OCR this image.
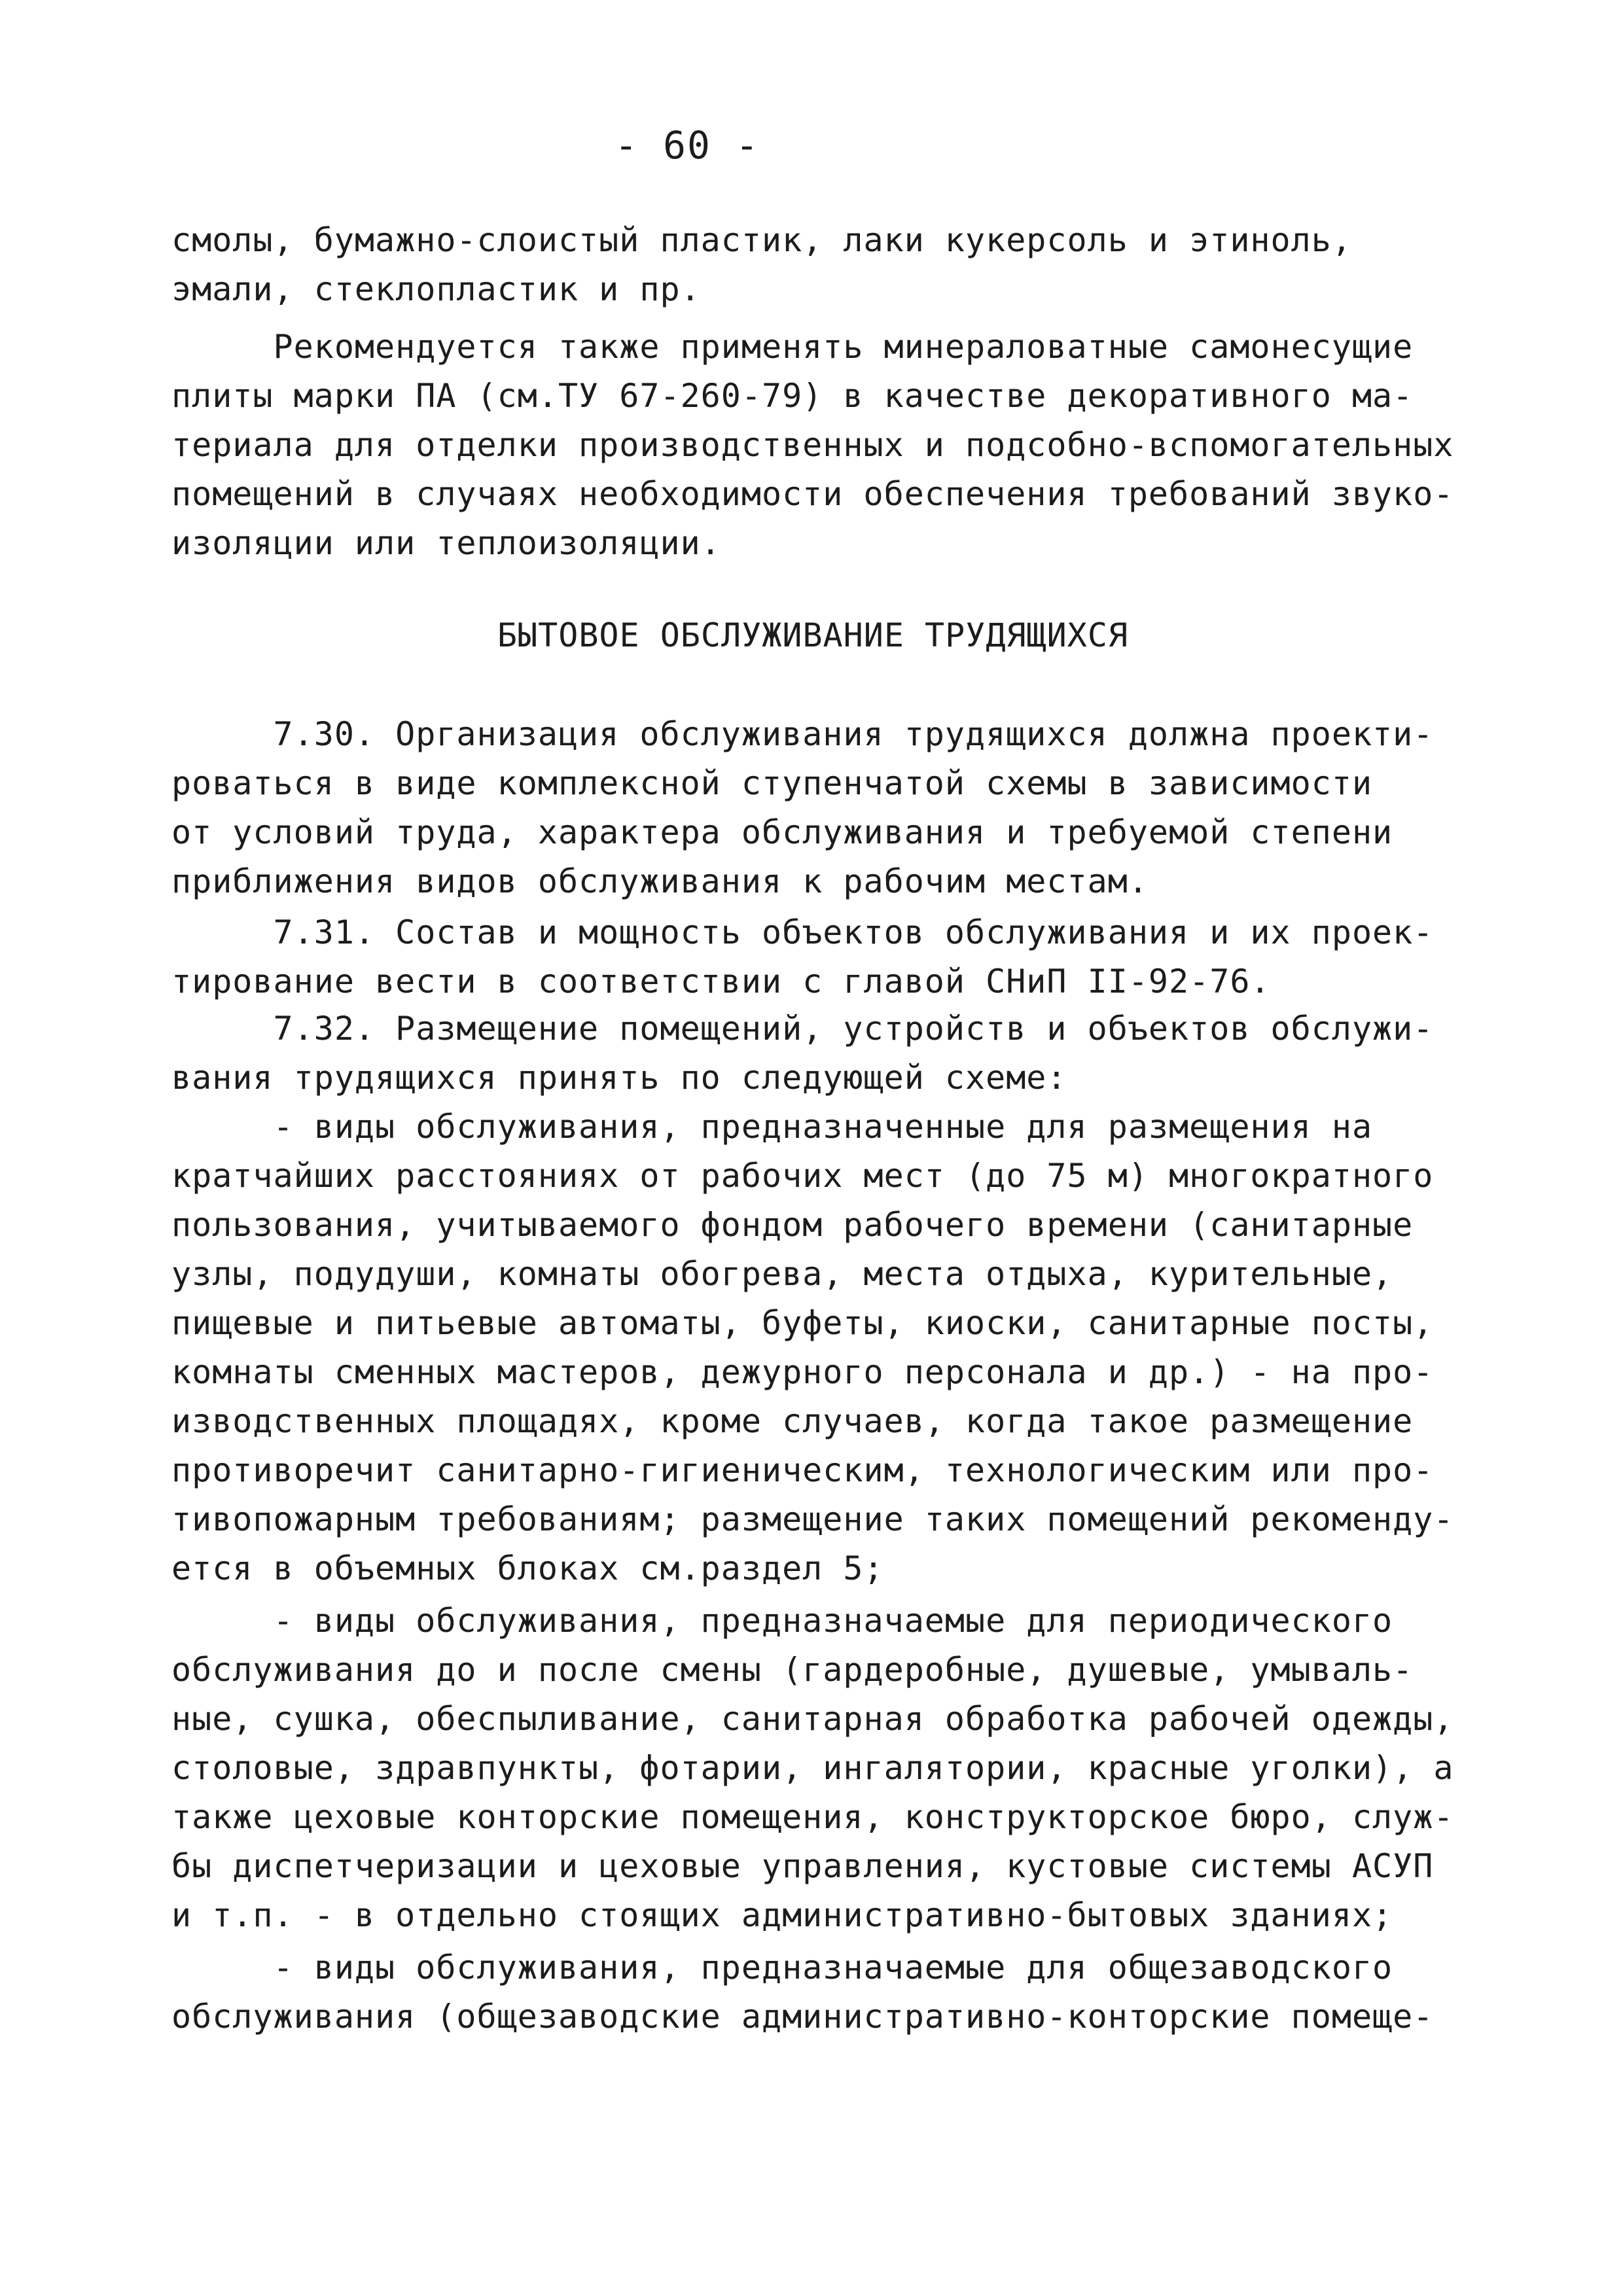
- 60 -
смолы, бумажно-слоистый пластик, лаки кукерсоль и этиноль,
эмали, стеклопластик и пр.
Рекомендуется также применять минераловатные самонесущие
плиты марки ПА (см.ТУ 67-260-79) в качестве декоративного ма-
териала для отделки производственных и подсобно-вспомогательных
помещений в случаях необходимости обеспечения требований звуко-
изоляции или теплоизоляции.
БЫТОВОЕ ОБСЛУЖИВАНИЕ ТРУДЯЩИХСЯ
7.30. Организация обслуживания трудящихся должна проекти-
роваться в виде комплексной ступенчатой схемы в зависимости
от условий труда, характера обслуживания и требуемой степени
приближения видов обслуживания к рабочим местам.
7.31. Состав и мощность объектов обслуживания и их проек-
тирование вести в соответствии с главой СНиП II-92-76.
7.32. Размещение помещений, устройств и объектов обслужи-
вания трудящихся принять по следующей схеме:
- виды обслуживания, предназначенные для размещения на
кратчайших расстояниях от рабочих мест (до 75 м) многократного
пользования, учитываемого фондом рабочего времени (санитарные
узлы, подудуши, комнаты обогрева, места отдыха, курительные,
пищевые и питьевые автоматы, буфеты, киоски, санитарные посты,
комнаты сменных мастеров, дежурного персонала и др.) - на про-
изводственных площадях, кроме случаев, когда такое размещение
противоречит санитарно-гигиеническим, технологическим или про-
тивопожарным требованиям; размещение таких помещений рекоменду-
ется в объемных блоках см.раздел 5;
- виды обслуживания, предназначаемые для периодического
обслуживания до и после смены (гардеробные, душевые, умываль-
ные, сушка, обеспыливание, санитарная обработка рабочей одежды,
столовые, здравпункты, фотарии, ингалятории, красные уголки), а
также цеховые конторские помещения, конструкторское бюро, служ-
бы диспетчеризации и цеховые управления, кустовые системы АСУП
и т.п. - в отдельно стоящих административно-бытовых зданиях;
- виды обслуживания, предназначаемые для общезаводского
обслуживания (общезаводские административно-конторские помеще-
